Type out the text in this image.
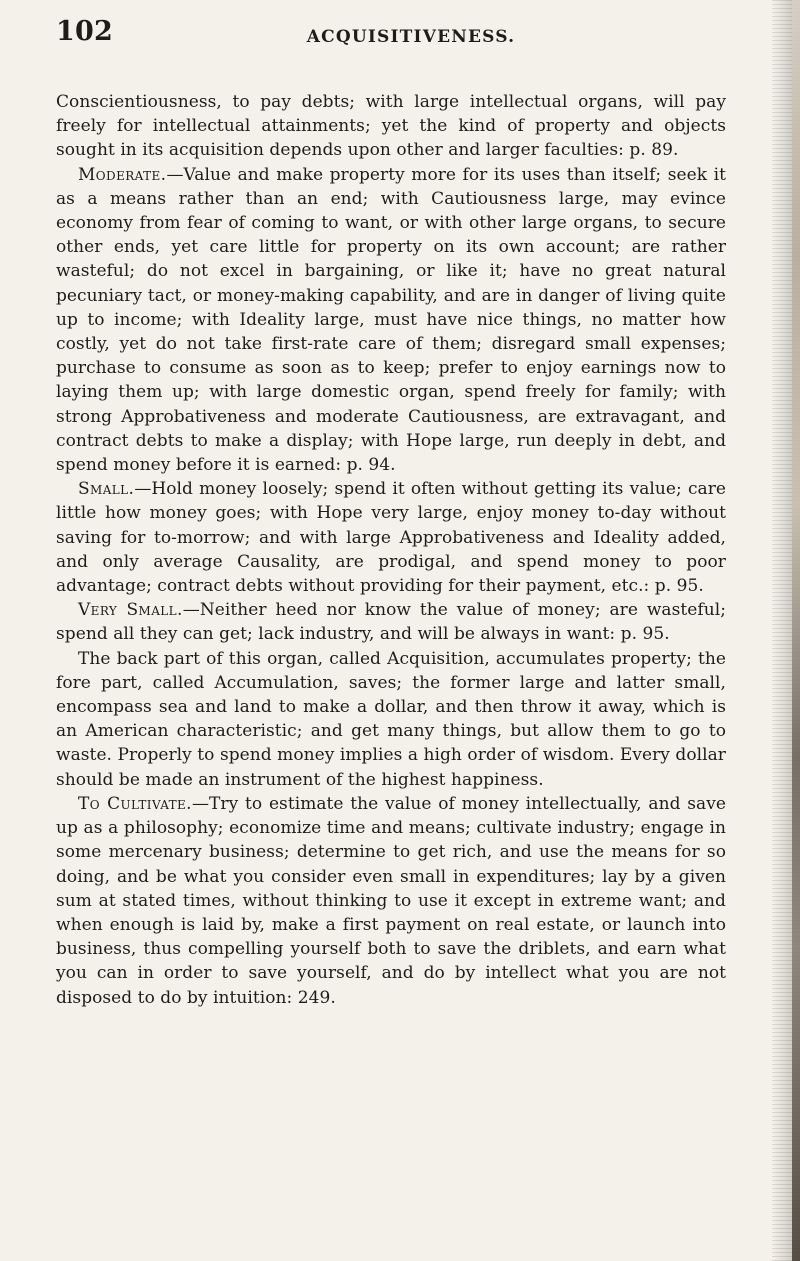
102	ACQUISITIVENESS.

Conscientiousness, to pay debts; with large intellectual organs, will pay freely for intellectual attainments; yet the kind of property and objects sought in its acquisition depends upon other and larger faculties: p. 89.

Moderate.—Value and make property more for its uses than itself; seek it as a means rather than an end; with Cautiousness large, may evince economy from fear of coming to want, or with other large organs, to secure other ends, yet care little for property on its own account; are rather wasteful; do not excel in bargaining, or like it; have no great natural pecuniary tact, or money-making capability, and are in danger of living quite up to income; with Ideality large, must have nice things, no matter how costly, yet do not take first-rate care of them; disregard small expenses; purchase to consume as soon as to keep; prefer to enjoy earnings now to laying them up; with large domestic organ, spend freely for family; with strong Approbativeness and moderate Cautiousness, are extravagant, and contract debts to make a display; with Hope large, run deeply in debt, and spend money before it is earned: p. 94.

Small.—Hold money loosely; spend it often without getting its value; care little how money goes; with Hope very large, enjoy money to-day without saving for to-morrow; and with large Approbativeness and Ideality added, and only average Causality, are prodigal, and spend money to poor advantage; contract debts without providing for their payment, etc.: p. 95.

Very Small.—Neither heed nor know the value of money; are wasteful; spend all they can get; lack industry, and will be always in want: p. 95.

The back part of this organ, called Acquisition, accumulates property; the fore part, called Accumulation, saves; the former large and latter small, encompass sea and land to make a dollar, and then throw it away, which is an American characteristic; and get many things, but allow them to go to waste. Properly to spend money implies a high order of wisdom. Every dollar should be made an instrument of the highest happiness.

To Cultivate.—Try to estimate the value of money intellectually, and save up as a philosophy; economize time and means; cultivate industry; engage in some mercenary business; determine to get rich, and use the means for so doing, and be what you consider even small in expenditures; lay by a given sum at stated times, without thinking to use it except in extreme want; and when enough is laid by, make a first payment on real estate, or launch into business, thus compelling yourself both to save the driblets, and earn what you can in order to save yourself, and do by intellect what you are not disposed to do by intuition: 249.
